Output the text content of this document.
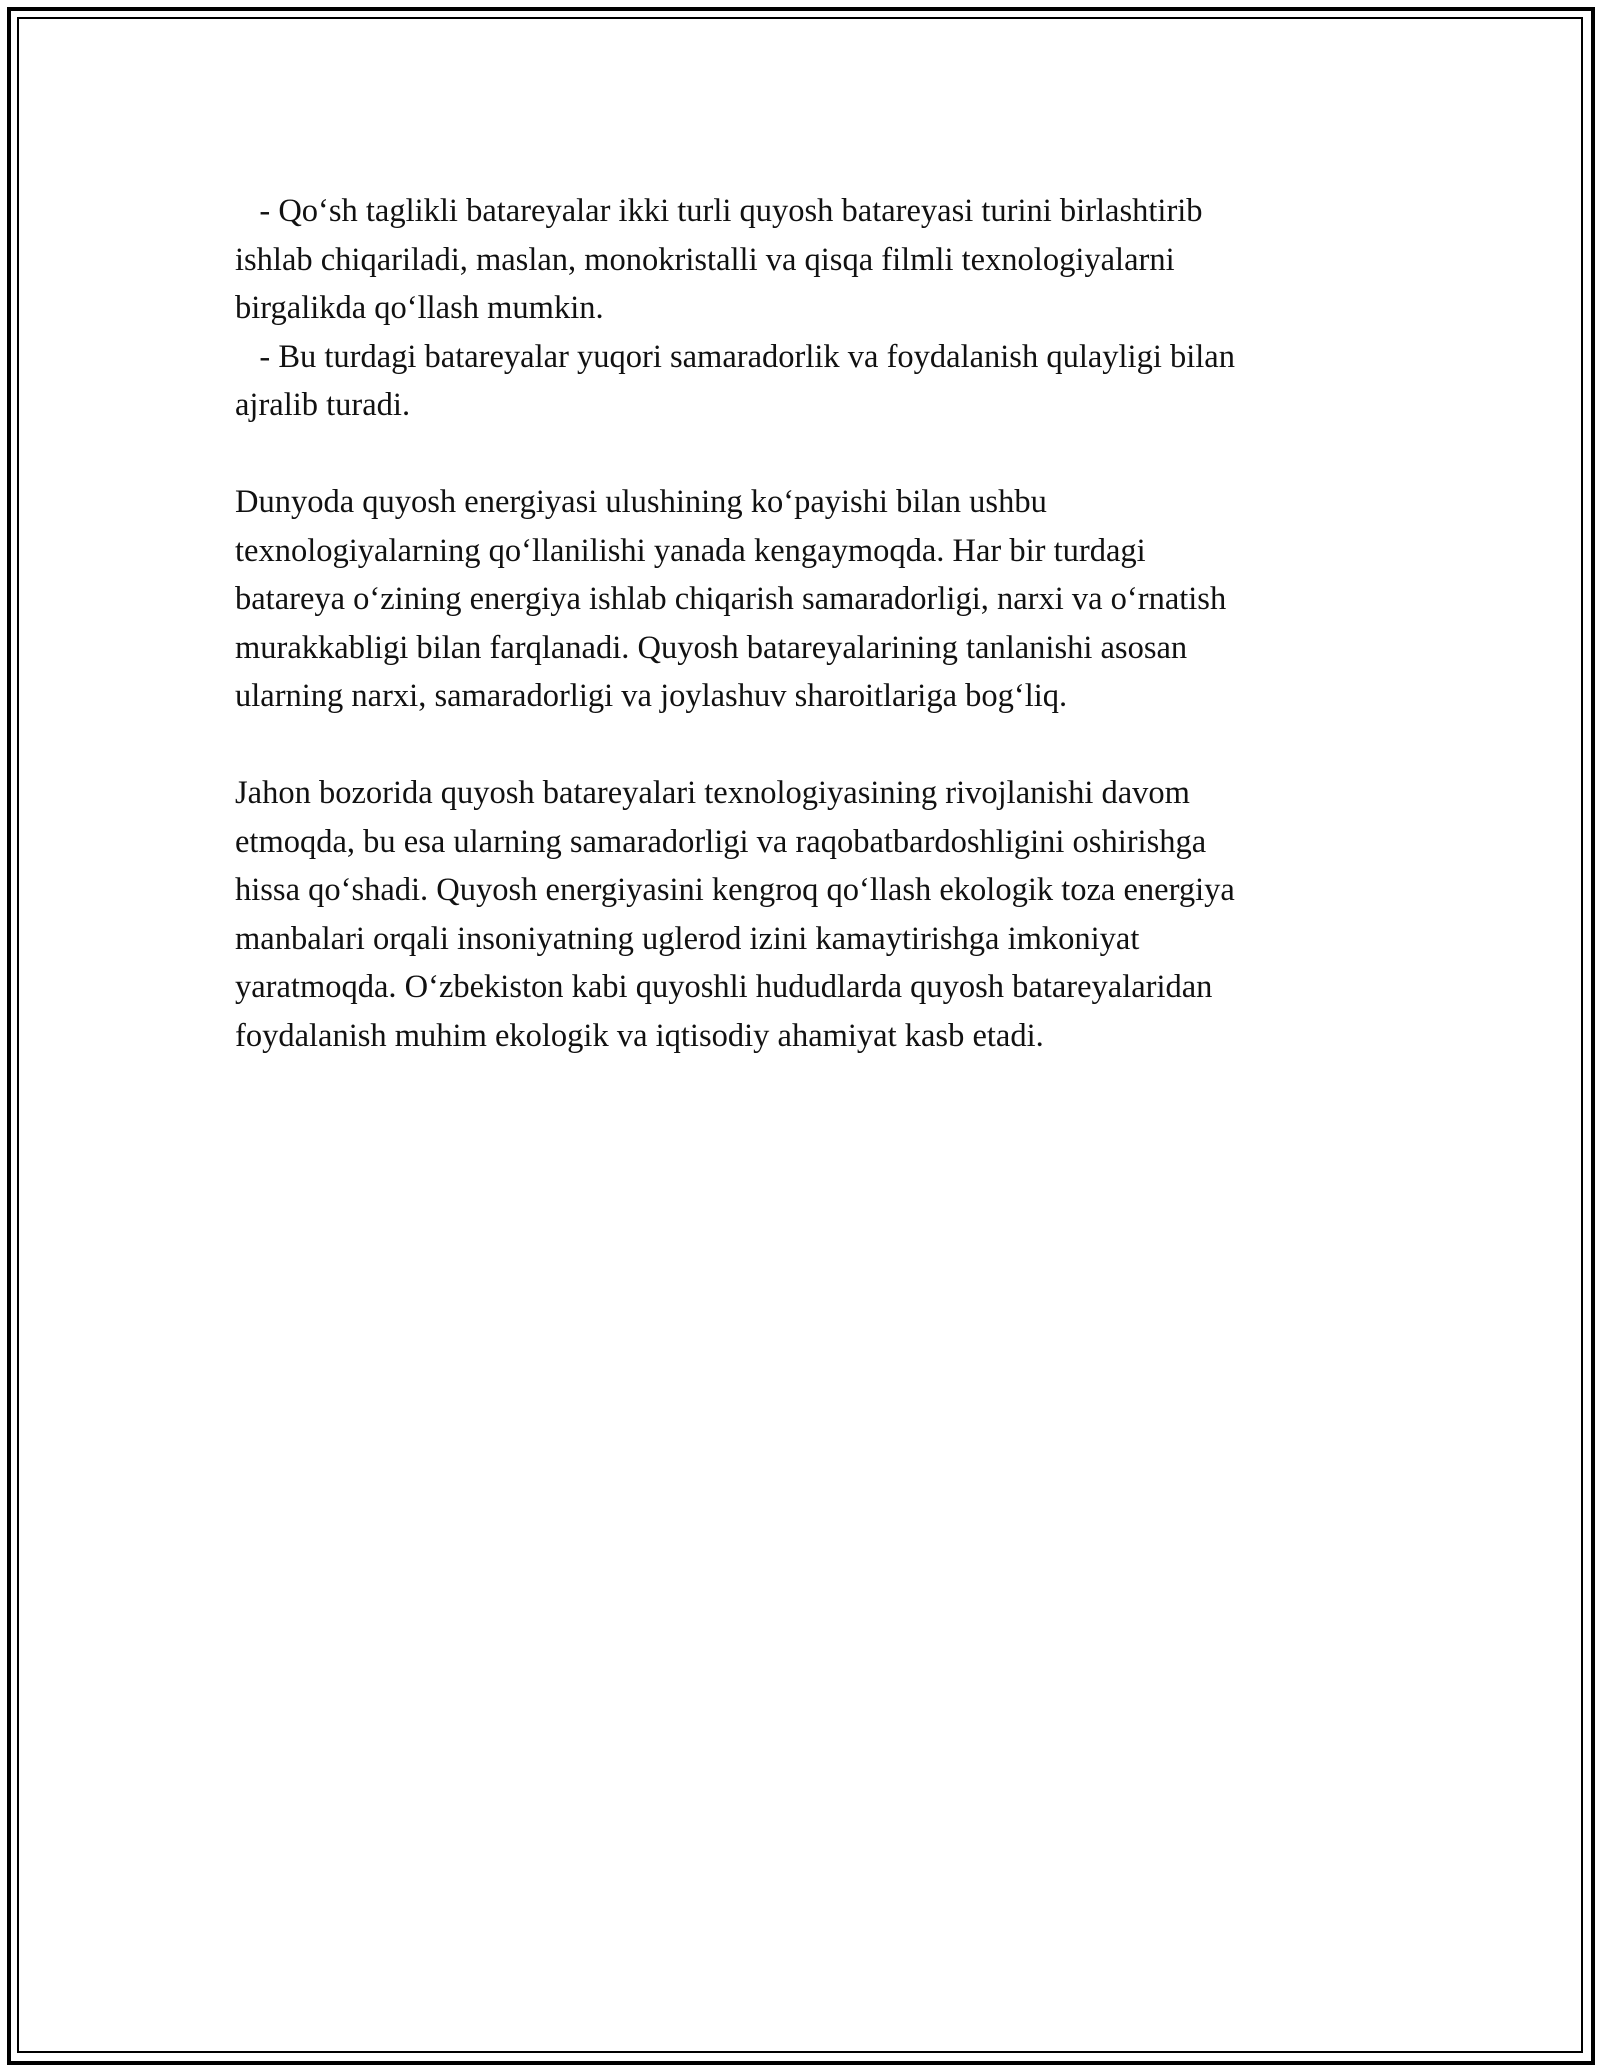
- Qo‘sh taglikli batareyalar ikki turli quyosh batareyasi turini birlashtirib
ishlab chiqariladi, maslan, monokristalli va qisqa filmli texnologiyalarni
birgalikda qo‘llash mumkin.

- Bu turdagi batareyalar yuqori samaradorlik va foydalanish qulayligi bilan
ajralib turadi.

Dunyoda quyosh energiyasi ulushining ko‘payishi bilan ushbu
texnologiyalarning qo‘llanilishi yanada kengaymoqda. Har bir turdagi
batareya o‘zining energiya ishlab chiqarish samaradorligi, narxi va o‘rnatish
murakkabligi bilan farqlanadi. Quyosh batareyalarining tanlanishi asosan
ularning narxi, samaradorligi va joylashuv sharoitlariga bog‘liq.

Jahon bozorida quyosh batareyalari texnologiyasining rivojlanishi davom
etmoqda, bu esa ularning samaradorligi va raqobatbardoshligini oshirishga
hissa qo‘shadi. Quyosh energiyasini kengroq qo‘llash ekologik toza energiya
manbalari orqali insoniyatning uglerod izini kamaytirishga imkoniyat
yaratmoqda. O‘zbekiston kabi quyoshli hududlarda quyosh batareyalaridan
foydalanish muhim ekologik va iqtisodiy ahamiyat kasb etadi.
